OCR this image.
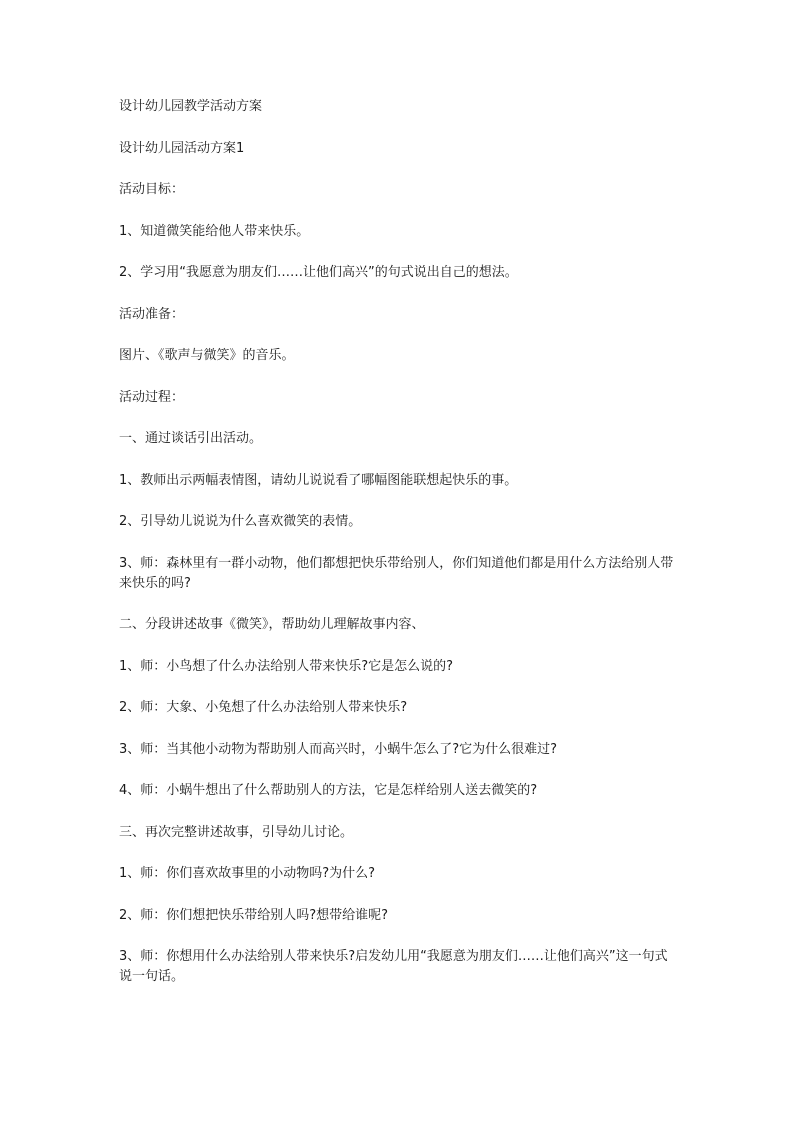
设计幼儿园教学活动方案

设计幼儿园活动方案1

活动目标：

1、知道微笑能给他人带来快乐。

2、学习用“我愿意为朋友们……让他们高兴”的句式说出自己的想法。

活动准备：

图片、《歌声与微笑》的音乐。

活动过程：

一、通过谈话引出活动。

1、教师出示两幅表情图，请幼儿说说看了哪幅图能联想起快乐的事。

2、引导幼儿说说为什么喜欢微笑的表情。

3、师：森林里有一群小动物，他们都想把快乐带给别人，你们知道他们都是用什么方法给别人带来快乐的吗?

二、分段讲述故事《微笑》，帮助幼儿理解故事内容、

1、师：小鸟想了什么办法给别人带来快乐?它是怎么说的?

2、师：大象、小兔想了什么办法给别人带来快乐?

3、师：当其他小动物为帮助别人而高兴时，小蜗牛怎么了?它为什么很难过?

4、师：小蜗牛想出了什么帮助别人的方法，它是怎样给别人送去微笑的?

三、再次完整讲述故事，引导幼儿讨论。

1、师：你们喜欢故事里的小动物吗?为什么?

2、师：你们想把快乐带给别人吗?想带给谁呢?

3、师：你想用什么办法给别人带来快乐?启发幼儿用“我愿意为朋友们……让他们高兴”这一句式说一句话。
